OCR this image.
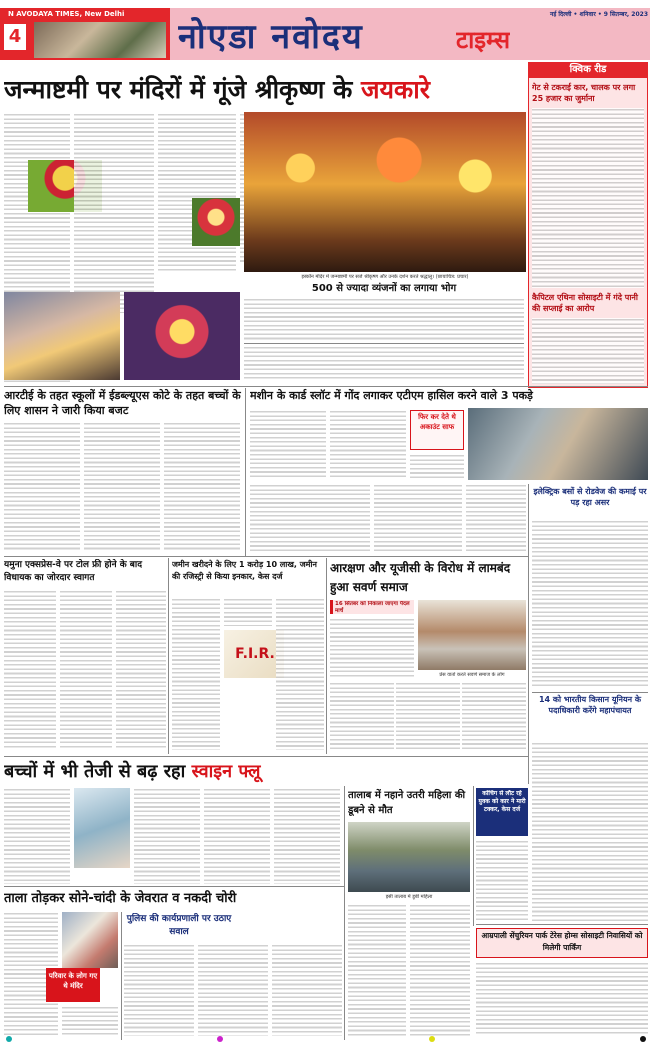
N AVODAYA TIMES, New Delhi
4
नई दिल्ली • शनिवार • 9 सितम्बर, 2023
नोएडा नवोदय	टाइम्स
जन्माष्टमी पर मंदिरों में गूंजे श्रीकृष्ण के जयकारे
इस्कॉन मंदिर में जन्माष्टमी पर सजे श्रीकृष्ण और उनके दर्शन करते श्रद्धालु। (छायाचित्र: प्रचार)
500 से ज्यादा व्यंजनों का लगाया भोग
क्विक रीड
गेट से टकराई कार, चालक पर लगा 25 हजार का जुर्माना
कैपिटल एथिना सोसाइटी में गंदे पानी की सप्लाई का आरोप
आरटीई के तहत स्कूलों में ईडब्ल्यूएस कोटे के तहत बच्चों के लिए शासन ने जारी किया बजट
मशीन के कार्ड स्लॉट में गोंद लगाकर एटीएम हासिल करने वाले 3 पकड़े
फिर कर देते थे अकाउंट साफ
इलेक्ट्रिक बसों से रोडवेज की कमाई पर पड़ रहा असर
यमुना एक्सप्रेस-वे पर टोल फ्री होने के बाद विधायक का जोरदार स्वागत
जमीन खरीदने के लिए 1 करोड़ 10 लाख, जमीन की रजिस्ट्री से किया इनकार, केस दर्ज
F.I.R.
आरक्षण और यूजीसी के विरोध में लामबंद हुआ सवर्ण समाज
16 सितंबर को निकाला जाएगा पैदल मार्च
प्रेस वार्ता करते सवर्ण समाज के लोग
14 को भारतीय किसान यूनियन के पदाधिकारी करेंगे महापंचायत
बच्चों में भी तेजी से बढ़ रहा स्वाइन फ्लू
तालाब में नहाने उतरी महिला की डूबने से मौत
इसी तालाब में डूबी महिला
कोचिंग से लौट रहे युवक को कार ने मारी टक्कर, केस दर्ज
ताला तोड़कर सोने-चांदी के जेवरात व नकदी चोरी
परिवार के लोग गए थे मंदिर
पुलिस की कार्यप्रणाली पर उठाए सवाल	आम्रपाली सेंचुरियन पार्क टेरेस होम्स सोसाइटी निवासियों को मिलेगी पार्किंग
